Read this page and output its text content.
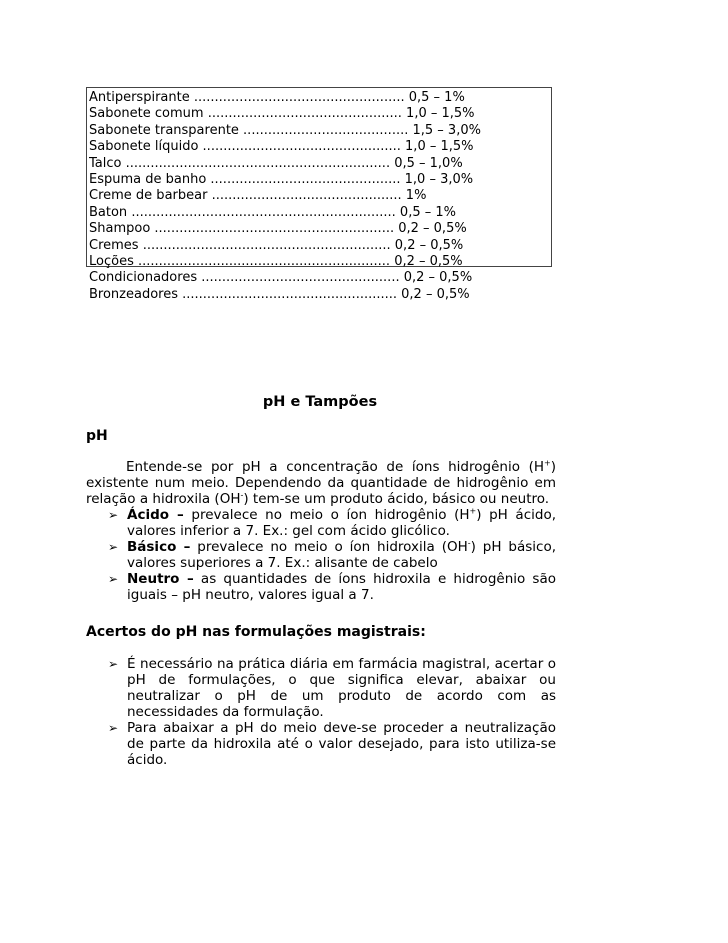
Antiperspirante ................................................... 0,5 – 1%
Sabonete comum ............................................... 1,0 – 1,5%
Sabonete transparente ........................................ 1,5 – 3,0%
Sabonete líquido ................................................ 1,0 – 1,5%
Talco ................................................................ 0,5 – 1,0%
Espuma de banho .............................................. 1,0 – 3,0%
Creme de barbear .............................................. 1%
Baton ................................................................ 0,5 – 1%
Shampoo .......................................................... 0,2 – 0,5%
Cremes ............................................................ 0,2 – 0,5%
Loções ............................................................. 0,2 – 0,5%
Condicionadores ................................................ 0,2 – 0,5%
Bronzeadores .................................................... 0,2 – 0,5%
pH e Tampões
pH
Entende-se por pH a concentração de íons hidrogênio (H+) existente num meio. Dependendo da quantidade de hidrogênio em relação a hidroxila (OH-) tem-se um produto ácido, básico ou neutro.
➢ Ácido – prevalece no meio o íon hidrogênio (H+) pH ácido, valores inferior a 7. Ex.: gel com ácido glicólico.
➢ Básico – prevalece no meio o íon hidroxila (OH-) pH básico, valores superiores a 7. Ex.: alisante de cabelo
➢ Neutro – as quantidades de íons hidroxila e hidrogênio são iguais – pH neutro, valores igual a 7.
Acertos do pH nas formulações magistrais:
➢ É necessário na prática diária em farmácia magistral, acertar o pH de formulações, o que significa elevar, abaixar ou neutralizar o pH de um produto de acordo com as necessidades da formulação.
➢ Para abaixar a pH do meio deve-se proceder a neutralização de parte da hidroxila até o valor desejado, para isto utiliza-se ácido.
